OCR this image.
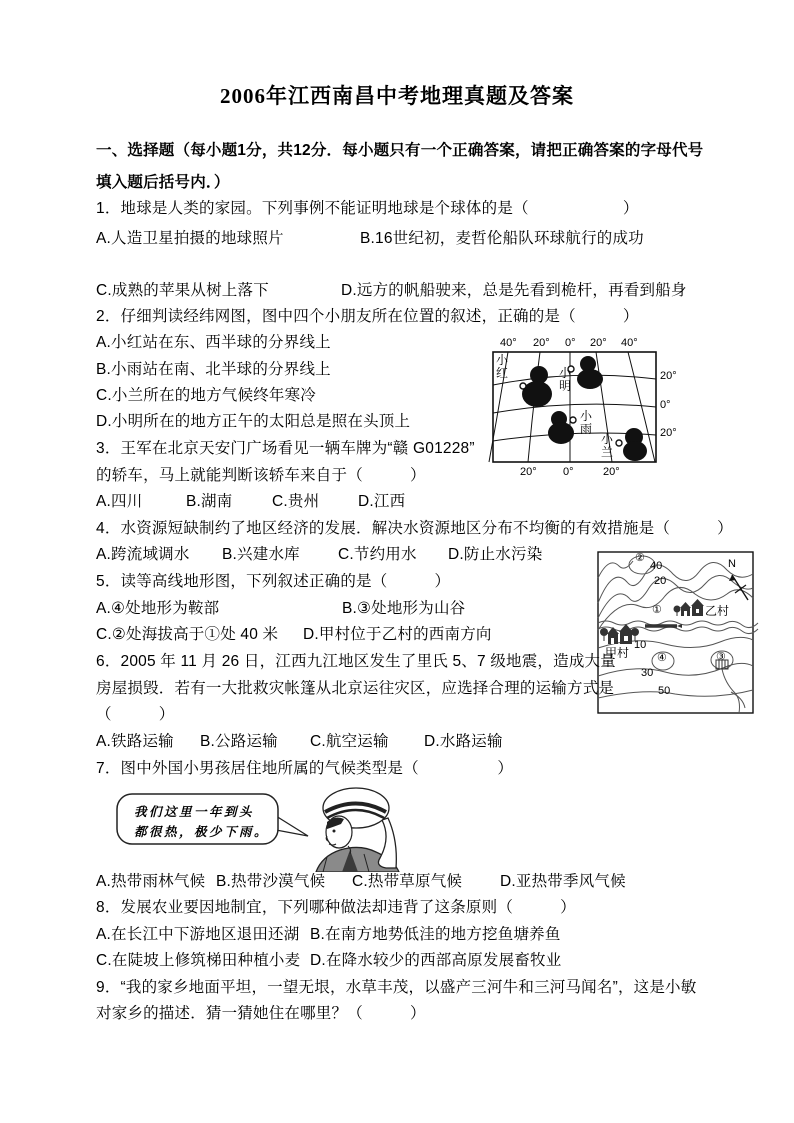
2006年江西南昌中考地理真题及答案
一、选择题（每小题1分，共12分．每小题只有一个正确答案，请把正确答案的字母代号
填入题后括号内．）
1．地球是人类的家园。下列事例不能证明地球是个球体的是（　　　　　　）
A.人造卫星拍摄的地球照片	B.16世纪初，麦哲伦船队环球航行的成功
C.成熟的苹果从树上落下	D.远方的帆船驶来，总是先看到桅杆，再看到船身
2．仔细判读经纬网图，图中四个小朋友所在位置的叙述，正确的是（　　　）
A.小红站在东、西半球的分界线上
B.小雨站在南、北半球的分界线上
C.小兰所在的地方气候终年寒冷
D.小明所在的地方正午的太阳总是照在头顶上
3．王军在北京天安门广场看见一辆车牌为“赣 G01228”
的轿车，马上就能判断该轿车来自于（　　　）
A.四川	B.湖南	C.贵州	D.江西
4．水资源短缺制约了地区经济的发展．解决水资源地区分布不均衡的有效措施是（　　　）
A.跨流域调水	B.兴建水库	C.节约用水	D.防止水污染
5．读等高线地形图，下列叙述正确的是（　　　）
A.④处地形为鞍部	B.③处地形为山谷
C.②处海拔高于①处 40 米	D.甲村位于乙村的西南方向
6．2005 年 11 月 26 日，江西九江地区发生了里氏 5、7 级地震，造成大量
房屋损毁．若有一大批救灾帐篷从北京运往灾区，应选择合理的运输方式是
（　　　）
A.铁路运输	B.公路运输	C.航空运输	D.水路运输
7．图中外国小男孩居住地所属的气候类型是（　　　　　）
A.热带雨林气候 B.热带沙漠气候	C.热带草原气候	D.亚热带季风气候
8．发展农业要因地制宜，下列哪种做法却违背了这条原则（　　　）
A.在长江中下游地区退田还湖 B.在南方地势低洼的地方挖鱼塘养鱼
C.在陡坡上修筑梯田种植小麦 D.在降水较少的西部高原发展畜牧业
9．“我的家乡地面平坦，一望无垠，水草丰茂，以盛产三河牛和三河马闻名”，这是小敏
对家乡的描述．猜一猜她住在哪里？（　　　）
40° 20° 0° 20° 40°
20°
0°
20°
20° 0°	20°
小红	小明
小雨
小兰
②
40
20
N
①	乙村
甲村
10
④	③
30
50
我们这里一年到头
都很热，极少下雨。
